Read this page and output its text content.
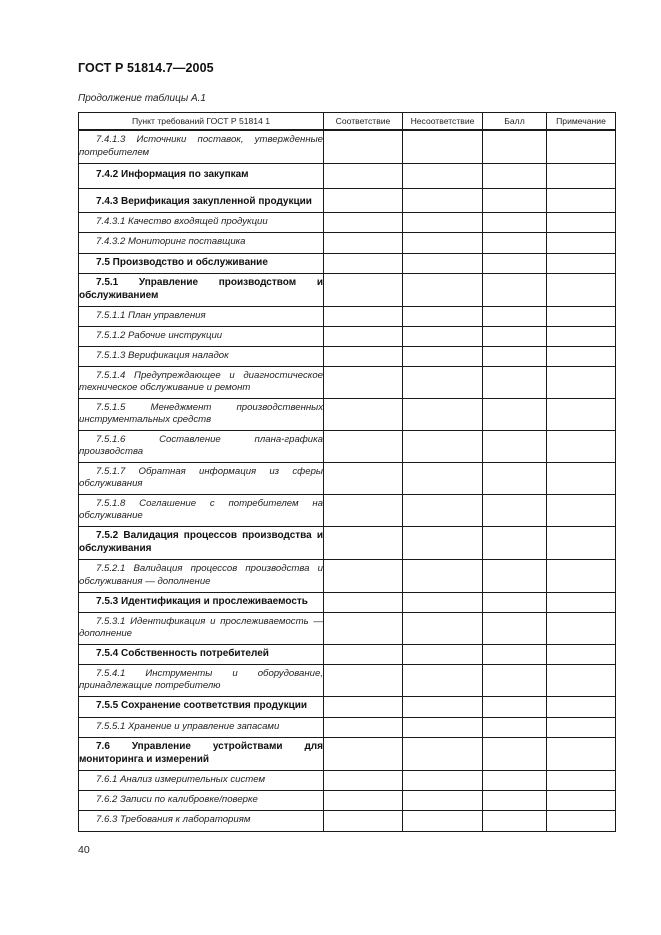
ГОСТ Р 51814.7—2005
Продолжение таблицы А.1
Пункт требований ГОСТ Р 51814 1	Соответствие	Несоответствие	Балл	Примечание

7.4.1.3 Источники поставок, утвержденные потребителем				

7.4.2 Информация по закупкам				

7.4.3 Верификация закупленной продукции				

7.4.3.1 Качество входящей продукции				

7.4.3.2 Мониторинг поставщика				

7.5 Производство и обслуживание				

7.5.1 Управление производством и обслуживанием				

7.5.1.1 План управления				

7.5.1.2 Рабочие инструкции				

7.5.1.3 Верификация наладок				

7.5.1.4 Предупреждающее и диагностическое техническое обслуживание и ремонт				

7.5.1.5 Менеджмент производственных инструментальных средств				

7.5.1.6 Составление плана-графика производства				

7.5.1.7 Обратная информация из сферы обслуживания				

7.5.1.8 Соглашение с потребителем на обслуживание				

7.5.2 Валидация процессов производства и обслуживания				

7.5.2.1 Валидация процессов производства и обслуживания — дополнение				

7.5.3 Идентификация и прослеживаемость				

7.5.3.1 Идентификация и прослеживаемость — дополнение				

7.5.4 Собственность потребителей				

7.5.4.1 Инструменты и оборудование, принадлежащие потребителю				

7.5.5 Сохранение соответствия продукции				

7.5.5.1 Хранение и управление запасами				

7.6 Управление устройствами для мониторинга и измерений				

7.6.1 Анализ измерительных систем				

7.6.2 Записи по калибровке/поверке				

7.6.3 Требования к лабораториям				

40
